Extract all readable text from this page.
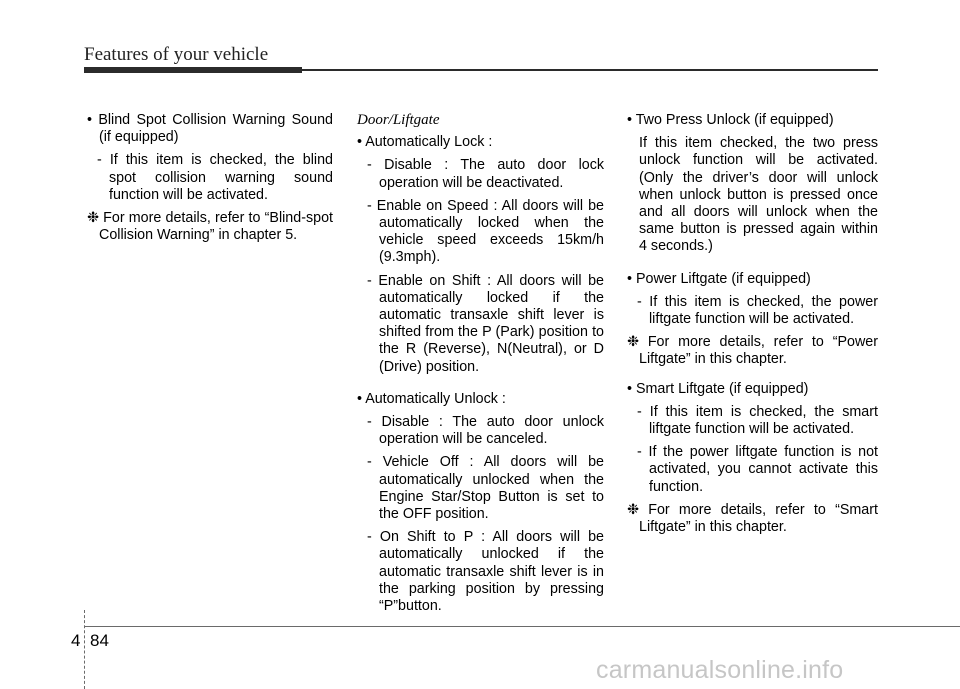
Features of your vehicle

• Blind Spot Collision Warning Sound (if equipped)

- If this item is checked, the blind spot collision warning sound function will be activated.

❉ For more details, refer to “Blind-spot Collision Warning” in chapter 5.

Door/Liftgate

• Automatically Lock :

- Disable : The auto door lock operation will be deactivated.

- Enable on Speed : All doors will be automatically locked when the vehicle speed exceeds 15km/h (9.3mph).

- Enable on Shift : All doors will be automatically locked if the automatic transaxle shift lever is shifted from the P (Park) position to the R (Reverse), N(Neutral), or D (Drive) position.

• Automatically Unlock :

- Disable : The auto door unlock operation will be canceled.

- Vehicle Off : All doors will be automatically unlocked when the Engine Star/Stop Button is set to the OFF position.

- On Shift to P : All doors will be automatically unlocked if the automatic transaxle shift lever is in the parking position by pressing “P”button.

• Two Press Unlock (if equipped)

If this item checked, the two press unlock function will be activated. (Only the driver’s door will unlock when unlock button is pressed once and all doors will unlock when the same button is pressed again within 4 seconds.)

• Power Liftgate (if equipped)

- If this item is checked, the power liftgate function will be activated.

❉ For more details, refer to “Power Liftgate” in this chapter.

• Smart Liftgate (if equipped)

- If this item is checked, the smart liftgate function will be activated.

- If the power liftgate function is not activated, you cannot activate this function.

❉ For more details, refer to “Smart Liftgate” in this chapter.

4 84
carmanualsonline.info
